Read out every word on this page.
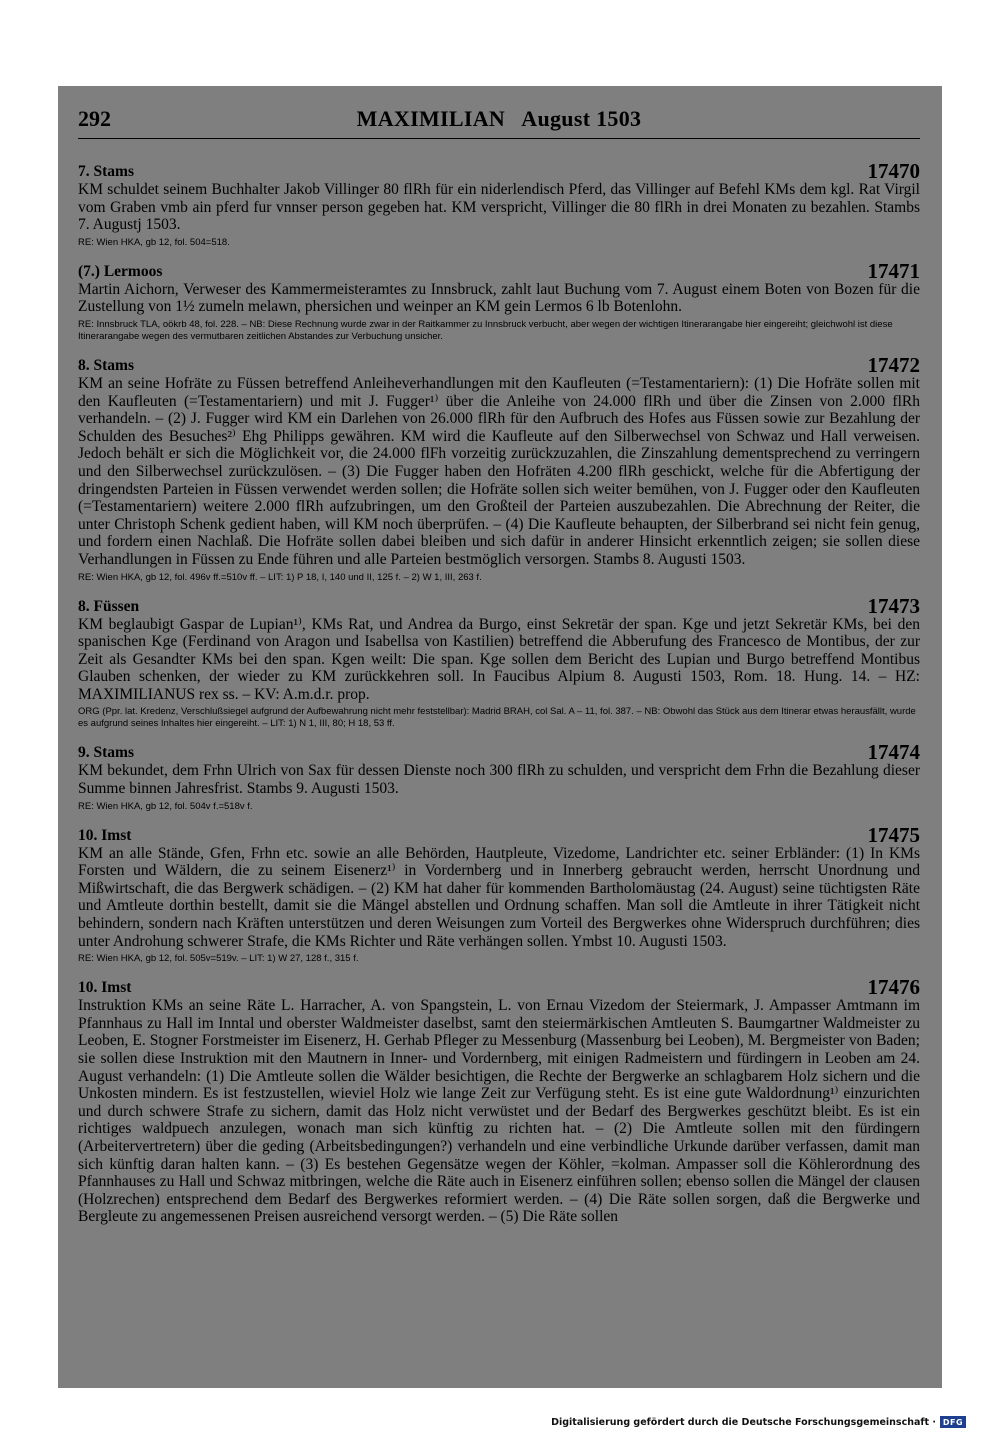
292	MAXIMILIAN   August 1503
7. Stams	17470
KM schuldet seinem Buchhalter Jakob Villinger 80 flRh für ein niderlendisch Pferd, das Villinger auf Befehl KMs dem kgl. Rat Virgil vom Graben vmb ain pferd fur vnnser person gegeben hat. KM verspricht, Villinger die 80 flRh in drei Monaten zu bezahlen. Stambs 7. Augustj 1503.
RE: Wien HKA, gb 12, fol. 504=518.
(7.) Lermoos	17471
Martin Aichorn, Verweser des Kammermeisteramtes zu Innsbruck, zahlt laut Buchung vom 7. August einem Boten von Bozen für die Zustellung von 1½ zumeln melawn, phersichen und weinper an KM gein Lermos 6 lb Botenlohn.
RE: Innsbruck TLA, oökrb 48, fol. 228. – NB: Diese Rechnung wurde zwar in der Raitkammer zu Innsbruck verbucht, aber wegen der wichtigen Itinerarangabe hier eingereiht; gleichwohl ist diese Itinerarangabe wegen des vermutbaren zeitlichen Abstandes zur Verbuchung unsicher.
8. Stams	17472
KM an seine Hofräte zu Füssen betreffend Anleiheverhandlungen mit den Kaufleuten (=Testamentariern): (1) Die Hofräte sollen mit den Kaufleuten (=Testamentariern) und mit J. Fugger¹⁾ über die Anleihe von 24.000 flRh und über die Zinsen von 2.000 flRh verhandeln. – (2) J. Fugger wird KM ein Darlehen von 26.000 flRh für den Aufbruch des Hofes aus Füssen sowie zur Bezahlung der Schulden des Besuches²⁾ Ehg Philipps gewähren. KM wird die Kaufleute auf den Silberwechsel von Schwaz und Hall verweisen. Jedoch behält er sich die Möglichkeit vor, die 24.000 flFh vorzeitig zurückzuzahlen, die Zinszahlung dementsprechend zu verringern und den Silberwechsel zurückzulösen. – (3) Die Fugger haben den Hofräten 4.200 flRh geschickt, welche für die Abfertigung der dringendsten Parteien in Füssen verwendet werden sollen; die Hofräte sollen sich weiter bemühen, von J. Fugger oder den Kaufleuten (=Testamentariern) weitere 2.000 flRh aufzubringen, um den Großteil der Parteien auszubezahlen. Die Abrechnung der Reiter, die unter Christoph Schenk gedient haben, will KM noch überprüfen. – (4) Die Kaufleute behaupten, der Silberbrand sei nicht fein genug, und fordern einen Nachlaß. Die Hofräte sollen dabei bleiben und sich dafür in anderer Hinsicht erkenntlich zeigen; sie sollen diese Verhandlungen in Füssen zu Ende führen und alle Parteien bestmöglich versorgen. Stambs 8. Augusti 1503.
RE: Wien HKA, gb 12, fol. 496v ff.=510v ff. – LIT: 1) P 18, I, 140 und II, 125 f. – 2) W 1, III, 263 f.
8. Füssen	17473
KM beglaubigt Gaspar de Lupian¹⁾, KMs Rat, und Andrea da Burgo, einst Sekretär der span. Kge und jetzt Sekretär KMs, bei den spanischen Kge (Ferdinand von Aragon und Isabellsa von Kastilien) betreffend die Abberufung des Francesco de Montibus, der zur Zeit als Gesandter KMs bei den span. Kgen weilt: Die span. Kge sollen dem Bericht des Lupian und Burgo betreffend Montibus Glauben schenken, der wieder zu KM zurückkehren soll. In Faucibus Alpium 8. Augusti 1503, Rom. 18. Hung. 14. – HZ: MAXIMILIANUS rex ss. – KV: A.m.d.r. prop.
ORG (Ppr. lat. Kredenz, Verschlußsiegel aufgrund der Aufbewahrung nicht mehr feststellbar): Madrid BRAH, col Sal. A – 11, fol. 387. – NB: Obwohl das Stück aus dem Itinerar etwas herausfällt, wurde es aufgrund seines Inhaltes hier eingereiht. – LIT: 1) N 1, III, 80; H 18, 53 ff.
9. Stams	17474
KM bekundet, dem Frhn Ulrich von Sax für dessen Dienste noch 300 flRh zu schulden, und verspricht dem Frhn die Bezahlung dieser Summe binnen Jahresfrist. Stambs 9. Augusti 1503.
RE: Wien HKA, gb 12, fol. 504v f.=518v f.
10. Imst	17475
KM an alle Stände, Gfen, Frhn etc. sowie an alle Behörden, Hautpleute, Vizedome, Landrichter etc. seiner Erbländer: (1) In KMs Forsten und Wäldern, die zu seinem Eisenerz¹⁾ in Vordernberg und in Innerberg gebraucht werden, herrscht Unordnung und Mißwirtschaft, die das Bergwerk schädigen. – (2) KM hat daher für kommenden Bartholomäustag (24. August) seine tüchtigsten Räte und Amtleute dorthin bestellt, damit sie die Mängel abstellen und Ordnung schaffen. Man soll die Amtleute in ihrer Tätigkeit nicht behindern, sondern nach Kräften unterstützen und deren Weisungen zum Vorteil des Bergwerkes ohne Widerspruch durchführen; dies unter Androhung schwerer Strafe, die KMs Richter und Räte verhängen sollen. Ymbst 10. Augusti 1503.
RE: Wien HKA, gb 12, fol. 505v=519v. – LIT: 1) W 27, 128 f., 315 f.
10. Imst	17476
Instruktion KMs an seine Räte L. Harracher, A. von Spangstein, L. von Ernau Vizedom der Steiermark, J. Ampasser Amtmann im Pfannhaus zu Hall im Inntal und oberster Waldmeister daselbst, samt den steiermärkischen Amtleuten S. Baumgartner Waldmeister zu Leoben, E. Stogner Forstmeister im Eisenerz, H. Gerhab Pfleger zu Messenburg (Massenburg bei Leoben), M. Bergmeister von Baden; sie sollen diese Instruktion mit den Mautnern in Inner- und Vordernberg, mit einigen Radmeistern und fürdingern in Leoben am 24. August verhandeln: (1) Die Amtleute sollen die Wälder besichtigen, die Rechte der Bergwerke an schlagbarem Holz sichern und die Unkosten mindern. Es ist festzustellen, wieviel Holz wie lange Zeit zur Verfügung steht. Es ist eine gute Waldordnung¹⁾ einzurichten und durch schwere Strafe zu sichern, damit das Holz nicht verwüstet und der Bedarf des Bergwerkes geschützt bleibt. Es ist ein richtiges waldpuech anzulegen, wonach man sich künftig zu richten hat. – (2) Die Amtleute sollen mit den fürdingern (Arbeitervertretern) über die geding (Arbeitsbedingungen?) verhandeln und eine verbindliche Urkunde darüber verfassen, damit man sich künftig daran halten kann. – (3) Es bestehen Gegensätze wegen der Köhler, =kolman. Ampasser soll die Köhlerordnung des Pfannhauses zu Hall und Schwaz mitbringen, welche die Räte auch in Eisenerz einführen sollen; ebenso sollen die Mängel der clausen (Holzrechen) entsprechend dem Bedarf des Bergwerkes reformiert werden. – (4) Die Räte sollen sorgen, daß die Bergwerke und Bergleute zu angemessenen Preisen ausreichend versorgt werden. – (5) Die Räte sollen
Digitalisierung gefördert durch die Deutsche Forschungsgemeinschaft · DFG
